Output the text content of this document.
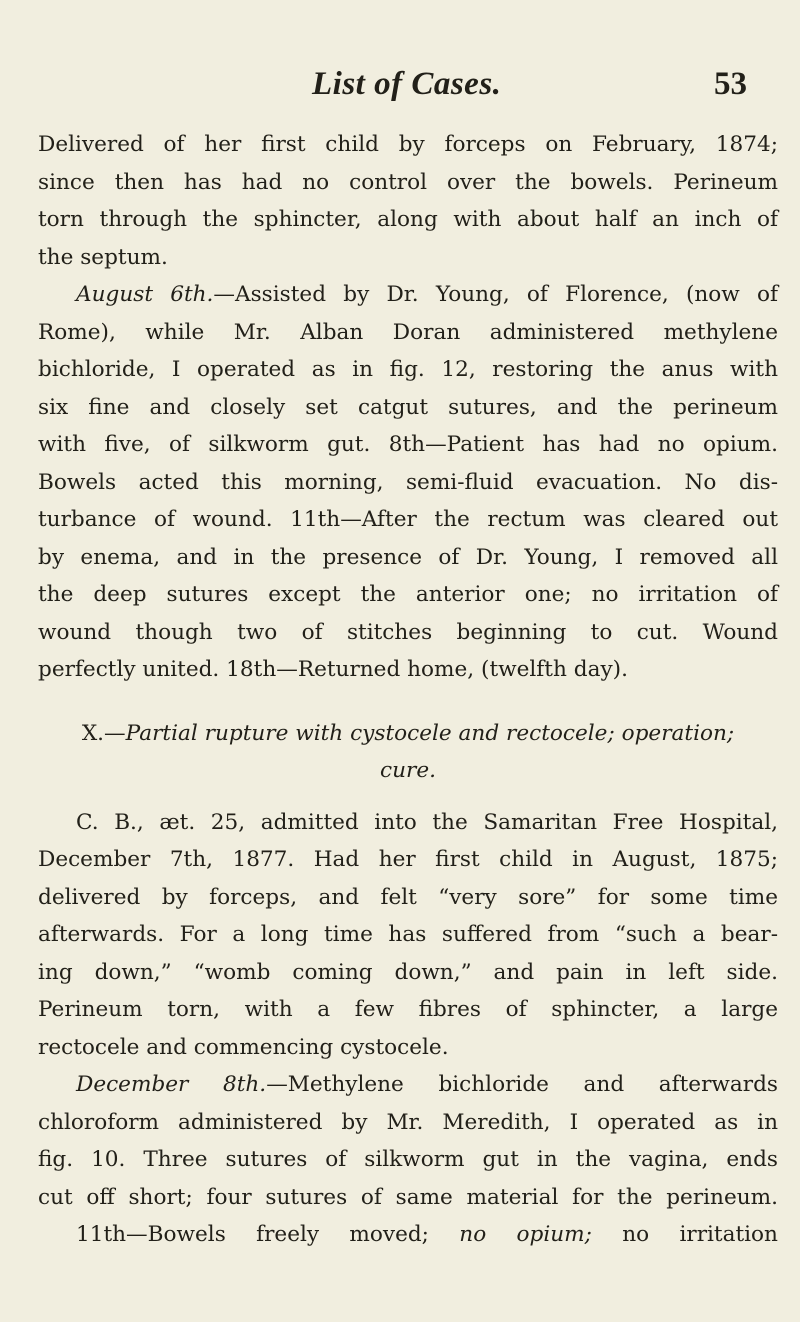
List of Cases.	53
Delivered of her first child by forceps on February, 1874;
since then has had no control over the bowels. Perineum
torn through the sphincter, along with about half an inch of
the septum.
August 6th.—Assisted by Dr. Young, of Florence, (now of
Rome), while Mr. Alban Doran administered methylene
bichloride, I operated as in fig. 12, restoring the anus with
six fine and closely set catgut sutures, and the perineum
with five, of silkworm gut. 8th—Patient has had no opium.
Bowels acted this morning, semi-fluid evacuation. No dis-
turbance of wound. 11th—After the rectum was cleared out
by enema, and in the presence of Dr. Young, I removed all
the deep sutures except the anterior one; no irritation of
wound though two of stitches beginning to cut. Wound
perfectly united. 18th—Returned home, (twelfth day).
X.—Partial rupture with cystocele and rectocele; operation;
cure.
C. B., æt. 25, admitted into the Samaritan Free Hospital,
December 7th, 1877. Had her first child in August, 1875;
delivered by forceps, and felt “very sore” for some time
afterwards. For a long time has suffered from “such a bear-
ing down,” “womb coming down,” and pain in left side.
Perineum torn, with a few fibres of sphincter, a large
rectocele and commencing cystocele.
December 8th.—Methylene bichloride and afterwards
chloroform administered by Mr. Meredith, I operated as in
fig. 10. Three sutures of silkworm gut in the vagina, ends
cut off short; four sutures of same material for the perineum.
11th—Bowels freely moved; no opium; no irritation
